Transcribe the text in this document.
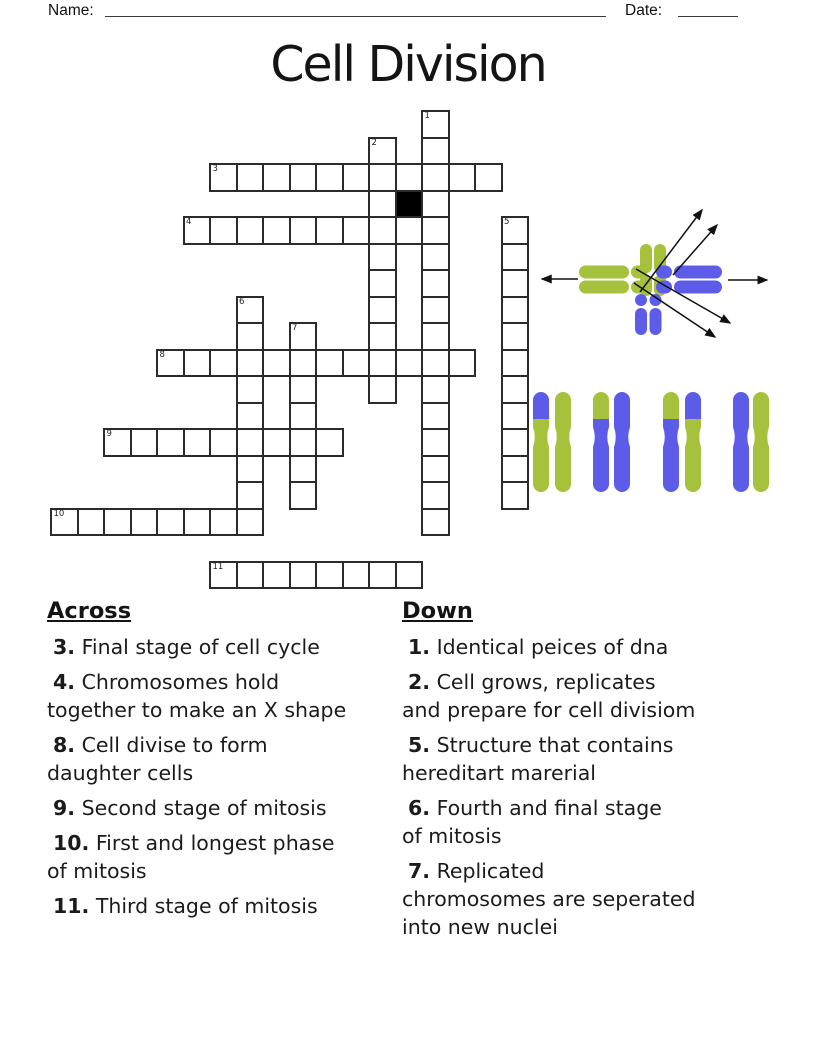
Name:	Date:
Cell Division
3
4
8
9
10
11
1
2
5
6
7
Across
3. Final stage of cell cycle
4. Chromosomes hold
together to make an X shape
8. Cell divise to form
daughter cells
9. Second stage of mitosis
10. First and longest phase
of mitosis
11. Third stage of mitosis
Down
1. Identical peices of dna
2. Cell grows, replicates
and prepare for cell divisiom
5. Structure that contains
hereditart marerial
6. Fourth and final stage
of mitosis
7. Replicated
chromosomes are seperated
into new nuclei
